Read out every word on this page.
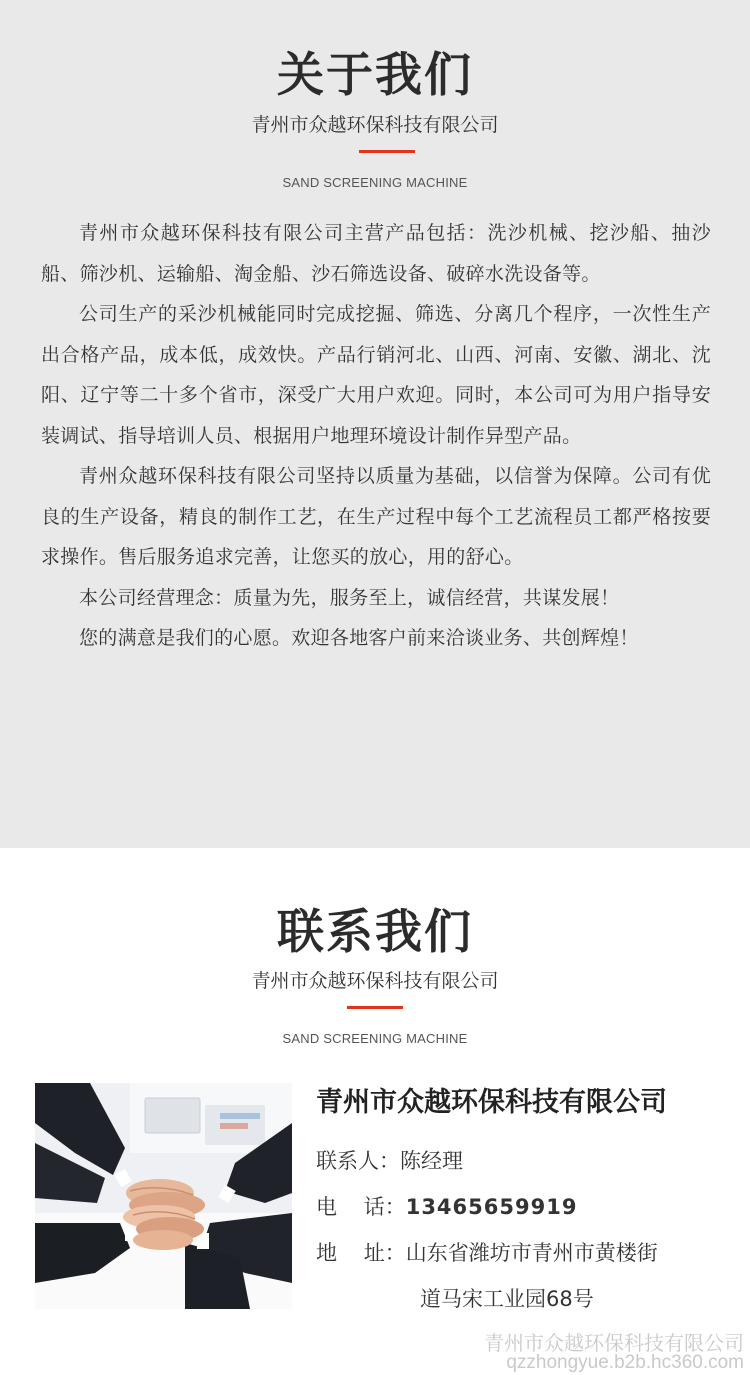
关于我们
青州市众越环保科技有限公司
SAND SCREENING MACHINE

青州市众越环保科技有限公司主营产品包括：洗沙机械、挖沙船、抽沙船、筛沙机、运输船、淘金船、沙石筛选设备、破碎水洗设备等。

公司生产的采沙机械能同时完成挖掘、筛选、分离几个程序，一次性生产出合格产品，成本低，成效快。产品行销河北、山西、河南、安徽、湖北、沈阳、辽宁等二十多个省市，深受广大用户欢迎。同时，本公司可为用户指导安装调试、指导培训人员、根据用户地理环境设计制作异型产品。

青州众越环保科技有限公司坚持以质量为基础，以信誉为保障。公司有优良的生产设备，精良的制作工艺，在生产过程中每个工艺流程员工都严格按要求操作。售后服务追求完善，让您买的放心，用的舒心。

本公司经营理念：质量为先，服务至上，诚信经营，共谋发展！

您的满意是我们的心愿。欢迎各地客户前来洽谈业务、共创辉煌！

联系我们
青州市众越环保科技有限公司
SAND SCREENING MACHINE
青州市众越环保科技有限公司
联系人：陈经理
电    话：13465659919
地    址：山东省潍坊市青州市黄楼街
道马宋工业园68号
青州市众越环保科技有限公司
qzzhongyue.b2b.hc360.com
